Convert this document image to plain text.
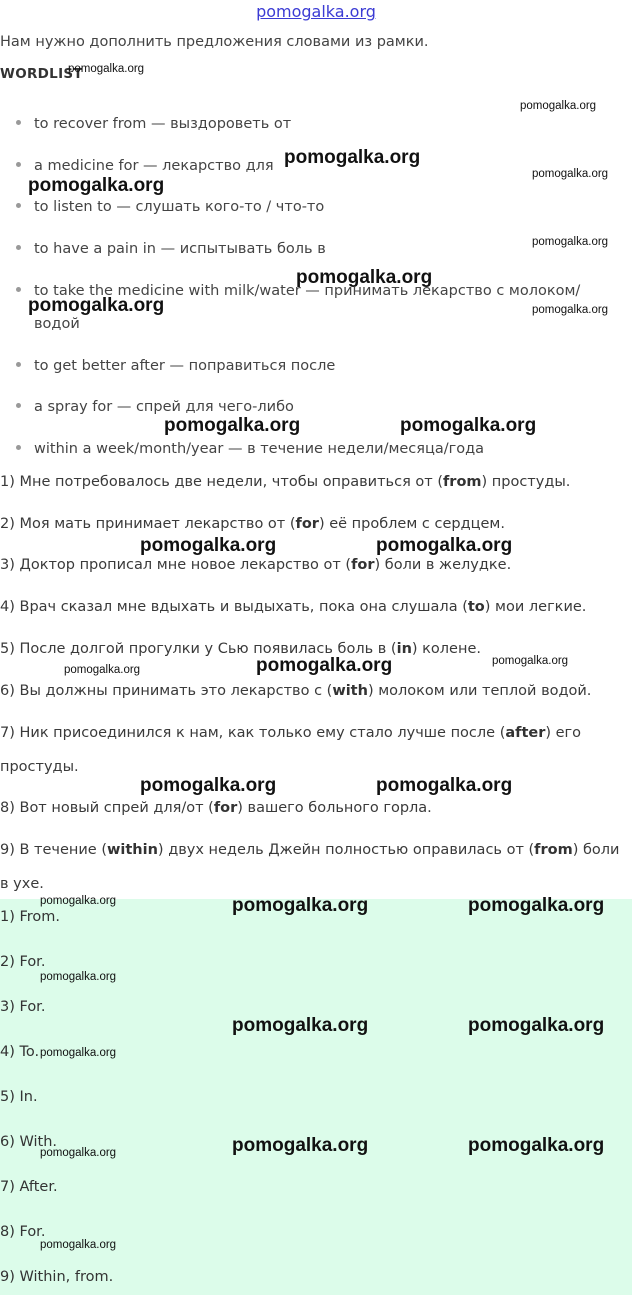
pomogalka.org
Нам нужно дополнить предложения словами из рамки.
WORDLIST
to recover from — выздороветь от
a medicine for — лекарство для
to listen to — слушать кого-то / что-то
to have a pain in — испытывать боль в
to take the medicine with milk/water — принимать лекарство с молоком/
водой
to get better after — поправиться после
a spray for — спрей для чего-либо
within a week/month/year — в течение недели/месяца/года
1) Мне потребовалось две недели, чтобы оправиться от (from) простуды.
2) Моя мать принимает лекарство от (for) её проблем с сердцем.
3) Доктор прописал мне новое лекарство от (for) боли в желудке.
4) Врач сказал мне вдыхать и выдыхать, пока она слушала (to) мои легкие.
5) После долгой прогулки у Сью появилась боль в (in) колене.
6) Вы должны принимать это лекарство с (with) молоком или теплой водой.
7) Ник присоединился к нам, как только ему стало лучше после (after) его
простуды.
8) Вот новый спрей для/от (for) вашего больного горла.
9) В течение (within) двух недель Джейн полностью оправилась от (from) боли
в ухе.
1) From.
2) For.
3) For.
4) To.
5) In.
6) With.
7) After.
8) For.
9) Within, from.
pomogalka.org
pomogalka.org
pomogalka.org
pomogalka.org
pomogalka.org	pomogalka.org
pomogalka.org	pomogalka.org
pomogalka.org
pomogalka.org	pomogalka.org
pomogalka.org	pomogalka.org
pomogalka.org	pomogalka.org
pomogalka.org	pomogalka.org
pomogalka.org
pomogalka.org
pomogalka.org
pomogalka.org
pomogalka.org
pomogalka.org
pomogalka.org
pomogalka.org
pomogalka.org
pomogalka.org
pomogalka.org
pomogalka.org
